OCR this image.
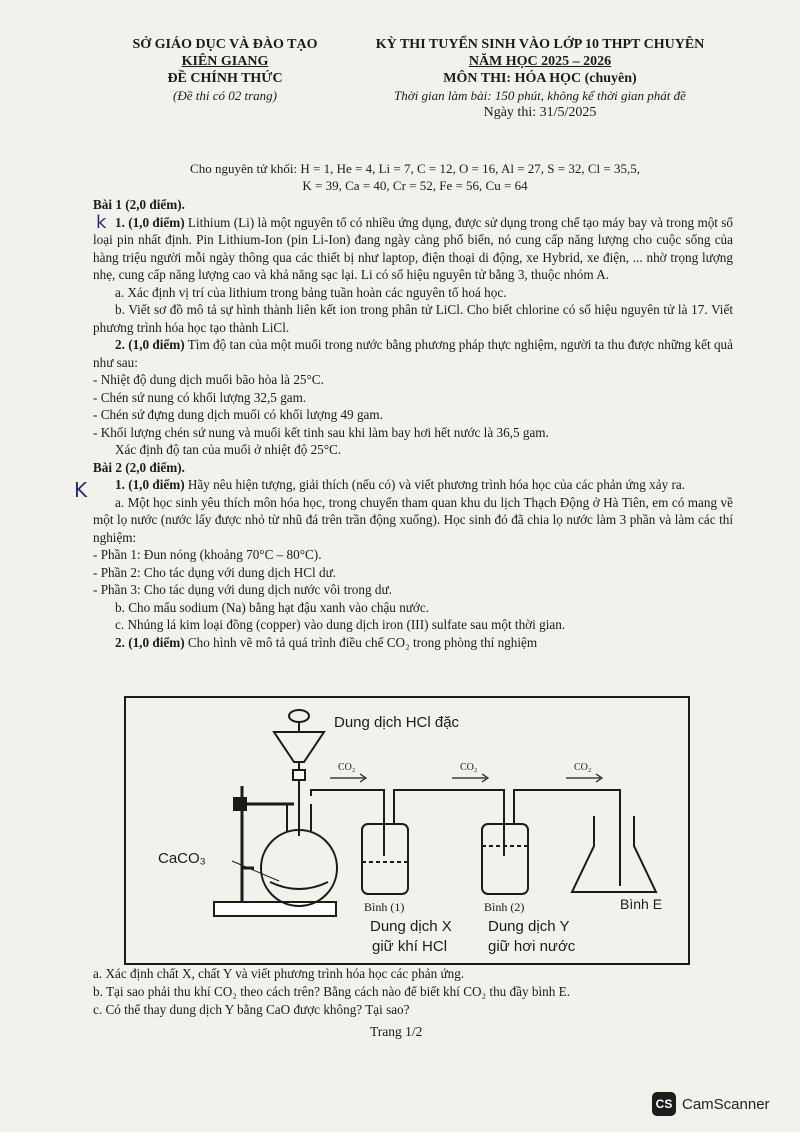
SỞ GIÁO DỤC VÀ ĐÀO TẠO
KIÊN GIANG
ĐỀ CHÍNH THỨC
(Đề thi có 02 trang)
KỲ THI TUYỂN SINH VÀO LỚP 10 THPT CHUYÊN
NĂM HỌC 2025 – 2026
MÔN THI: HÓA HỌC (chuyên)
Thời gian làm bài: 150 phút, không kể thời gian phát đề
Ngày thi: 31/5/2025
Cho nguyên tử khối: H = 1, He = 4, Li = 7, C = 12, O = 16, Al = 27, S = 32, Cl = 35,5,
K = 39, Ca = 40, Cr = 52, Fe = 56, Cu = 64
k
K

Bài 1 (2,0 điểm).

1. (1,0 điểm) Lithium (Li) là một nguyên tố có nhiều ứng dụng, được sử dụng trong chế tạo máy bay và trong một số loại pin nhất định. Pin Lithium-Ion (pin Li-Ion) đang ngày càng phổ biến, nó cung cấp năng lượng cho cuộc sống của hàng triệu người mỗi ngày thông qua các thiết bị như laptop, điện thoại di động, xe Hybrid, xe điện, ... nhờ trọng lượng nhẹ, cung cấp năng lượng cao và khả năng sạc lại. Li có số hiệu nguyên tử bằng 3, thuộc nhóm A.

a. Xác định vị trí của lithium trong bảng tuần hoàn các nguyên tố hoá học.

b. Viết sơ đồ mô tả sự hình thành liên kết ion trong phân tử LiCl. Cho biết chlorine có số hiệu nguyên tử là 17. Viết phương trình hóa học tạo thành LiCl.

2. (1,0 điểm) Tìm độ tan của một muối trong nước bằng phương pháp thực nghiệm, người ta thu được những kết quả như sau:

- Nhiệt độ dung dịch muối bão hòa là 25°C.

- Chén sứ nung có khối lượng 32,5 gam.

- Chén sứ đựng dung dịch muối có khối lượng 49 gam.

- Khối lượng chén sứ nung và muối kết tinh sau khi làm bay hơi hết nước là 36,5 gam.

Xác định độ tan của muối ở nhiệt độ 25°C.

Bài 2 (2,0 điểm).

1. (1,0 điểm) Hãy nêu hiện tượng, giải thích (nếu có) và viết phương trình hóa học của các phản ứng xảy ra.

a. Một học sinh yêu thích môn hóa học, trong chuyến tham quan khu du lịch Thạch Động ở Hà Tiên, em có mang về một lọ nước (nước lấy được nhỏ từ nhũ đá trên trần động xuống). Học sinh đó đã chia lọ nước làm 3 phần và làm các thí nghiệm:

- Phần 1: Đun nóng (khoảng 70°C – 80°C).

- Phần 2: Cho tác dụng với dung dịch HCl dư.

- Phần 3: Cho tác dụng với dung dịch nước vôi trong dư.

b. Cho mẩu sodium (Na) bằng hạt đậu xanh vào chậu nước.

c. Nhúng lá kim loại đồng (copper) vào dung dịch iron (III) sulfate sau một thời gian.

2. (1,0 điểm) Cho hình vẽ mô tả quá trình điều chế CO₂ trong phòng thí nghiệm

Dung dịch HCl đặc
CaCO₃
CO₂	CO₂	CO₂
Bình (1)	Bình (2)	Bình E
Dung dịch X
giữ khí HCl
Dung dịch Y
giữ hơi nước

a. Xác định chất X, chất Y và viết phương trình hóa học các phản ứng.

b. Tại sao phải thu khí CO₂ theo cách trên? Bằng cách nào để biết khí CO₂ thu đầy bình E.

c. Có thể thay dung dịch Y bằng CaO được không? Tại sao?

Trang 1/2
CS CamScanner
